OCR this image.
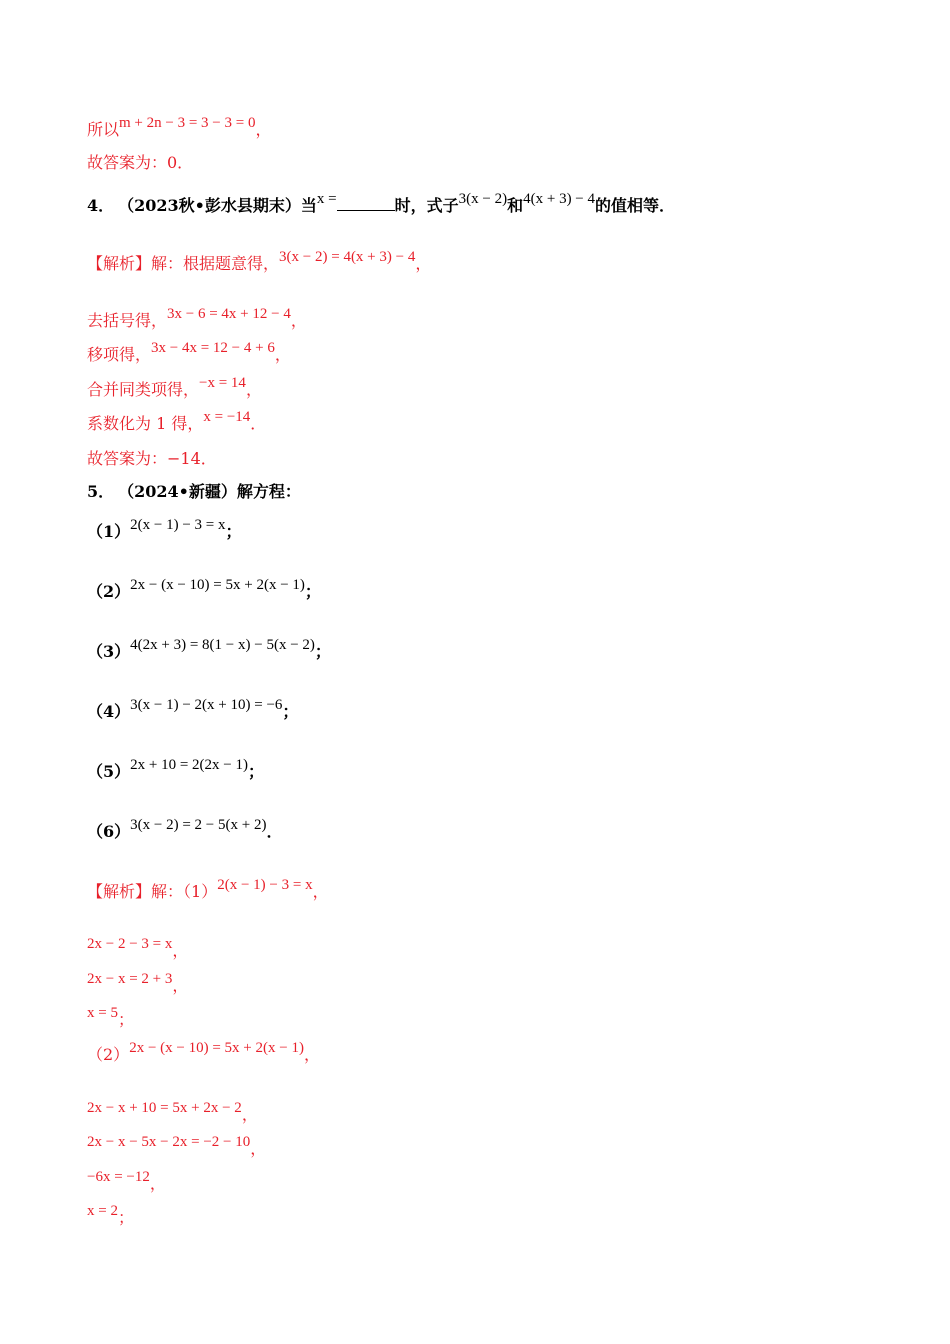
所以m + 2n − 3 = 3 − 3 = 0，
故答案为：0．
4． （2023秋•彭水县期末）当x =	时，式子3(x − 2)和4(x + 3) − 4的值相等．
【解析】解：根据题意得，3(x − 2) = 4(x + 3) − 4，
去括号得，3x − 6 = 4x + 12 − 4，
移项得，3x − 4x = 12 − 4 + 6，
合并同类项得，−x = 14，
系数化为 1 得，x = −14．
故答案为：−14．
5． （2024•新疆）解方程：
（1）2(x − 1) − 3 = x；
（2）2x − (x − 10) = 5x + 2(x − 1)；
（3）4(2x + 3) = 8(1 − x) − 5(x − 2)；
（4）3(x − 1) − 2(x + 10) = −6；
（5）2x + 10 = 2(2x − 1)；
（6）3(x − 2) = 2 − 5(x + 2)．
【解析】解：（1）2(x − 1) − 3 = x，
2x − 2 − 3 = x，
2x − x = 2 + 3，
x = 5；
（2）2x − (x − 10) = 5x + 2(x − 1)，
2x − x + 10 = 5x + 2x − 2，
2x − x − 5x − 2x = −2 − 10，
−6x = −12，
x = 2；
